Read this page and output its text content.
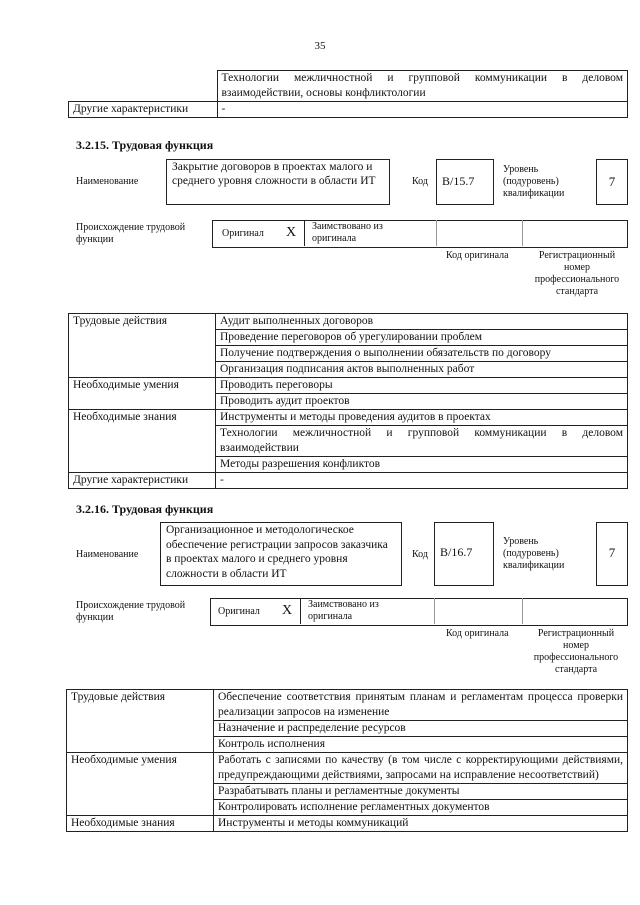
35
	Технологии межличностной и групповой коммуникации в деловом взаимодействии, основы конфликтологии
Другие характеристики	-
3.2.15. Трудовая функция
Наименование
Закрытие договоров в проектах малого и среднего уровня сложности в области ИТ	Код	B/15.7
Уровень (подуровень) квалификации
7
Происхождение трудовой функции
Оригинал X Заимствовано из оригинала
Код оригинала	Регистрационный номер профессионального стандарта
Трудовые действия	Аудит выполненных договоров
	Проведение переговоров об урегулировании проблем
	Получение подтверждения о выполнении обязательств по договору
	Организация подписания актов выполненных работ
Необходимые умения	Проводить переговоры
	Проводить аудит проектов
Необходимые знания	Инструменты и методы проведения аудитов в проектах
	Технологии межличностной и групповой коммуникации в деловом взаимодействии
	Методы разрешения конфликтов
Другие характеристики	-
3.2.16. Трудовая функция
Наименование
Организационное и методологическое обеспечение регистрации запросов заказчика в проектах малого и среднего уровня сложности в области ИТ
Код	B/16.7
Уровень (подуровень) квалификации
7
Происхождение трудовой функции
Оригинал X Заимствовано из оригинала
Код оригинала	Регистрационный номер профессионального стандарта
Трудовые действия	Обеспечение соответствия принятым планам и регламентам процесса проверки реализации запросов на изменение
	Назначение и распределение ресурсов
	Контроль исполнения
Необходимые умения	Работать с записями по качеству (в том числе с корректирующими действиями, предупреждающими действиями, запросами на исправление несоответствий)
	Разрабатывать планы и регламентные документы
	Контролировать исполнение регламентных документов
Необходимые знания	Инструменты и методы коммуникаций
